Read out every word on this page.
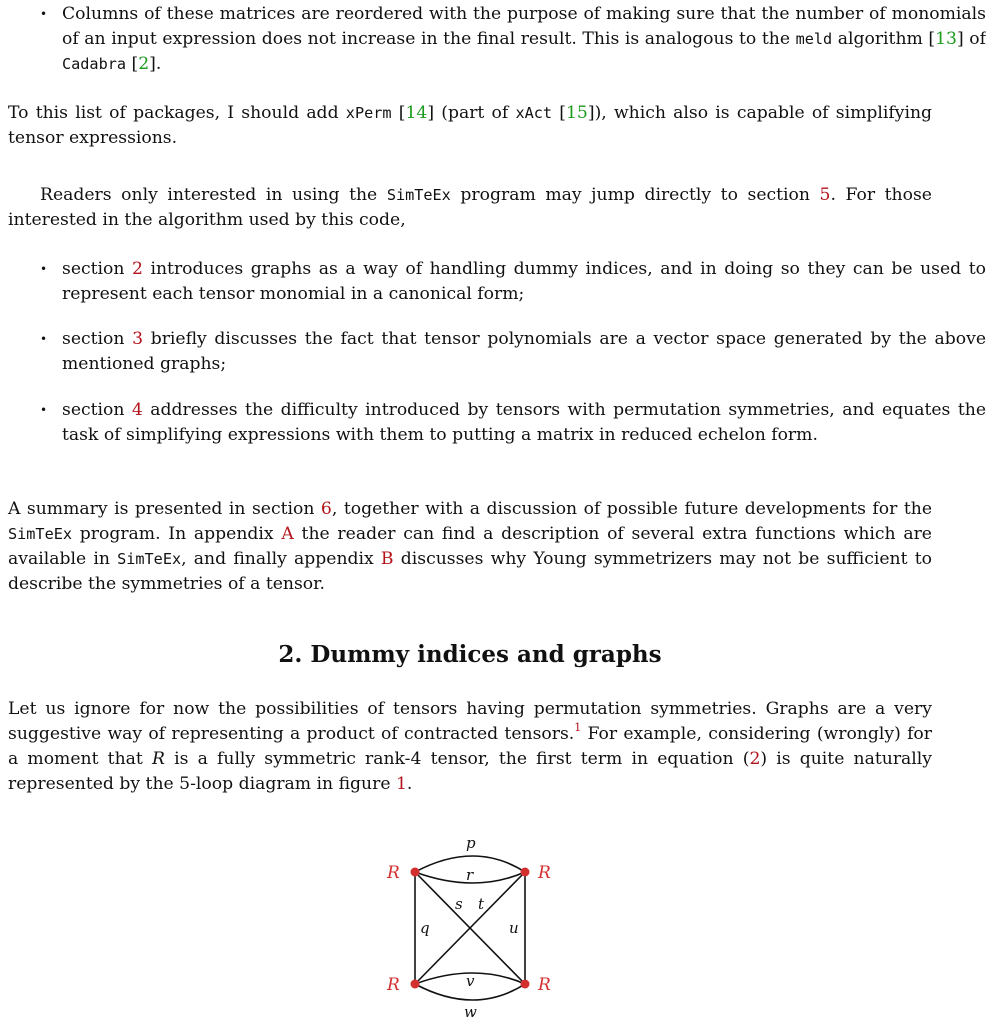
• Columns of these matrices are reordered with the purpose of making sure that the number of monomials of an input expression does not increase in the final result. This is analogous to the meld algorithm [13] of Cadabra [2].

To this list of packages, I should add xPerm [14] (part of xAct [15]), which also is capable of simplifying tensor expressions.

Readers only interested in using the SimTeEx program may jump directly to section 5. For those interested in the algorithm used by this code,

• section 2 introduces graphs as a way of handling dummy indices, and in doing so they can be used to represent each tensor monomial in a canonical form;
• section 3 briefly discusses the fact that tensor polynomials are a vector space generated by the above mentioned graphs;
• section 4 addresses the difficulty introduced by tensors with permutation symmetries, and equates the task of simplifying expressions with them to putting a matrix in reduced echelon form.

A summary is presented in section 6, together with a discussion of possible future developments for the SimTeEx program. In appendix A the reader can find a description of several extra functions which are available in SimTeEx, and finally appendix B discusses why Young symmetrizers may not be sufficient to describe the symmetries of a tensor.

2. Dummy indices and graphs

Let us ignore for now the possibilities of tensors having permutation symmetries. Graphs are a very suggestive way of representing a product of contracted tensors.$^1$ For example, considering (wrongly) for a moment that R is a fully symmetric rank-4 tensor, the first term in equation (2) is quite naturally represented by the 5-loop diagram in figure 1.

R	R
R	R
p
r
s t
q	u
v
w
